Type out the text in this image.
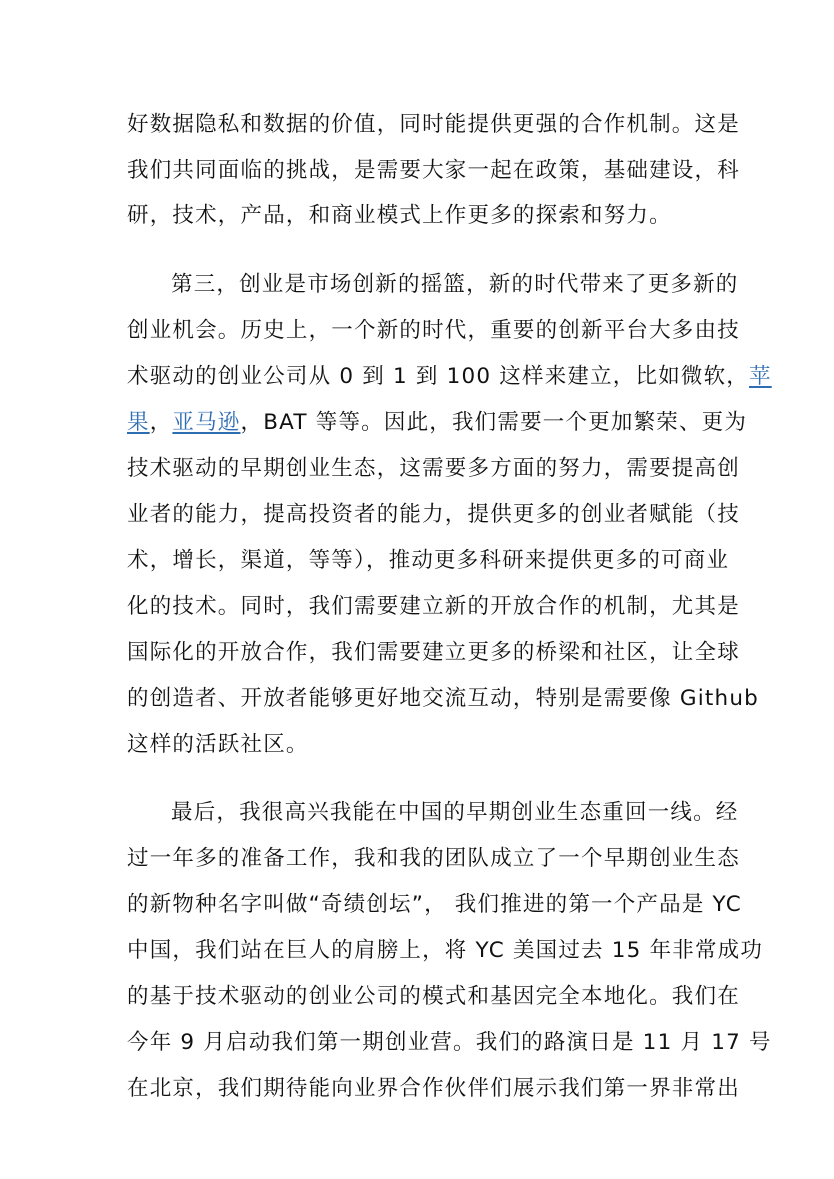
好数据隐私和数据的价值，同时能提供更强的合作机制。这是
我们共同面临的挑战，是需要大家一起在政策，基础建设，科
研，技术，产品，和商业模式上作更多的探索和努力。
第三，创业是市场创新的摇篮，新的时代带来了更多新的
创业机会。历史上，一个新的时代，重要的创新平台大多由技
术驱动的创业公司从 0 到 1 到 100 这样来建立，比如微软，苹
果，亚马逊，BAT 等等。因此，我们需要一个更加繁荣、更为
技术驱动的早期创业生态，这需要多方面的努力，需要提高创
业者的能力，提高投资者的能力，提供更多的创业者赋能（技
术，增长，渠道，等等），推动更多科研来提供更多的可商业
化的技术。同时，我们需要建立新的开放合作的机制，尤其是
国际化的开放合作，我们需要建立更多的桥梁和社区，让全球
的创造者、开放者能够更好地交流互动，特别是需要像 Github
这样的活跃社区。
最后，我很高兴我能在中国的早期创业生态重回一线。经
过一年多的准备工作，我和我的团队成立了一个早期创业生态
的新物种名字叫做“奇绩创坛”， 我们推进的第一个产品是 YC
中国，我们站在巨人的肩膀上，将 YC 美国过去 15 年非常成功
的基于技术驱动的创业公司的模式和基因完全本地化。我们在
今年 9 月启动我们第一期创业营。我们的路演日是 11 月 17 号
在北京，我们期待能向业界合作伙伴们展示我们第一界非常出
